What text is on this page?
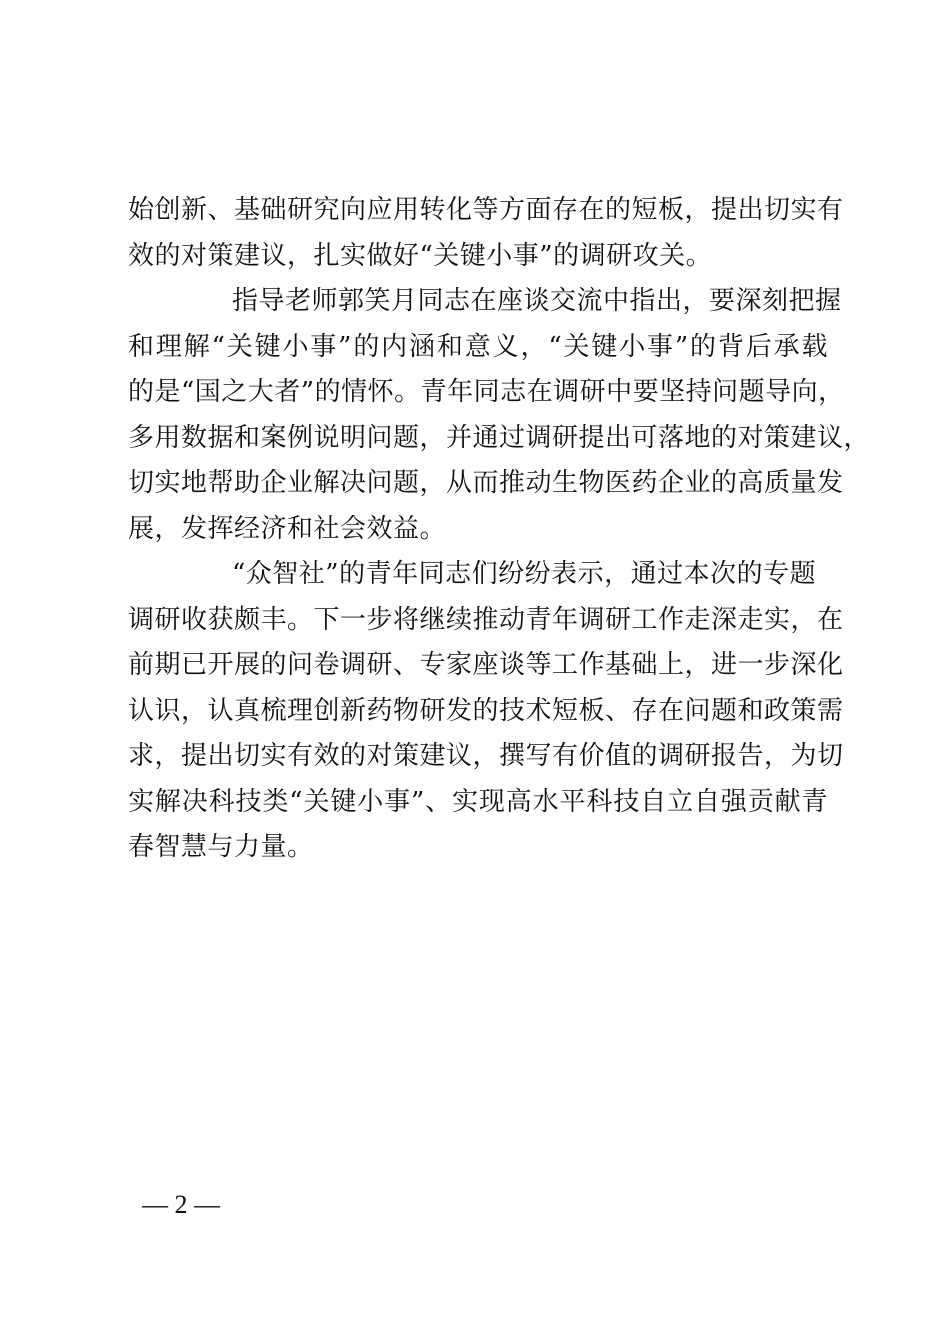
始创新、基础研究向应用转化等方面存在的短板，提出切实有
效的对策建议，扎实做好“关键小事”的调研攻关。
指导老师郭笑月同志在座谈交流中指出，要深刻把握
和理解“关键小事”的内涵和意义，“关键小事”的背后承载
的是“国之大者”的情怀。青年同志在调研中要坚持问题导向，
多用数据和案例说明问题，并通过调研提出可落地的对策建议，
切实地帮助企业解决问题，从而推动生物医药企业的高质量发
展，发挥经济和社会效益。
“众智社”的青年同志们纷纷表示，通过本次的专题
调研收获颇丰。下一步将继续推动青年调研工作走深走实，在
前期已开展的问卷调研、专家座谈等工作基础上，进一步深化
认识，认真梳理创新药物研发的技术短板、存在问题和政策需
求，提出切实有效的对策建议，撰写有价值的调研报告，为切
实解决科技类“关键小事”、实现高水平科技自立自强贡献青
春智慧与力量。
— 2 —
